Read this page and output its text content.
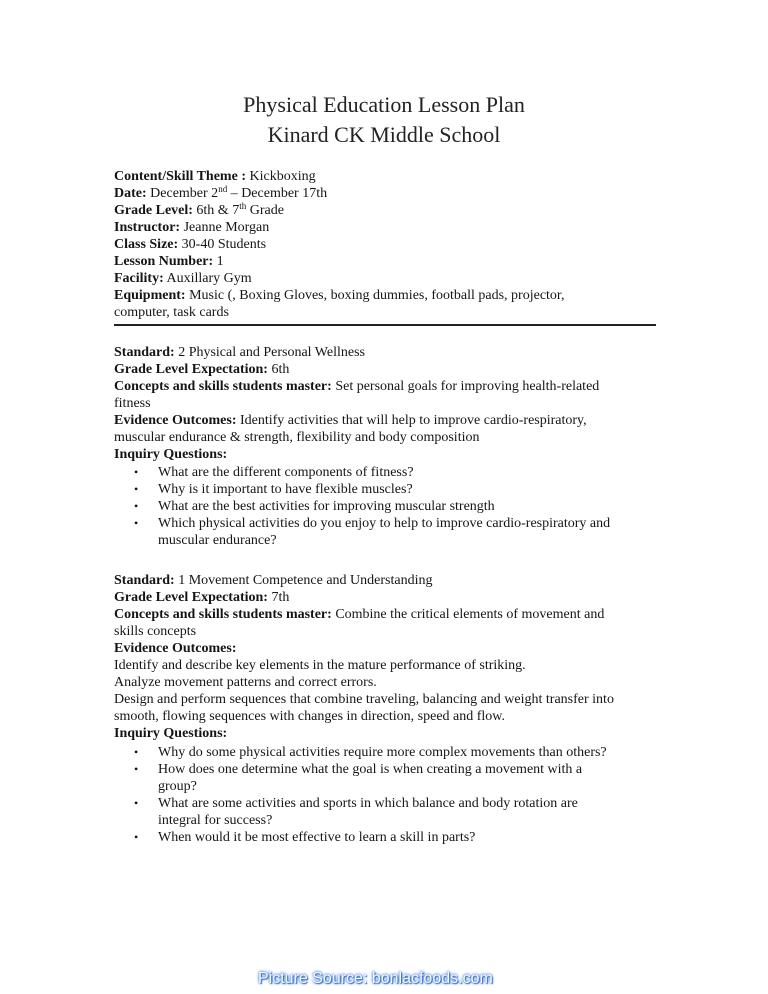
Physical Education Lesson Plan
Kinard CK Middle School
Content/Skill Theme : Kickboxing
Date: December 2nd – December 17th
Grade Level: 6th & 7th Grade
Instructor: Jeanne Morgan
Class Size: 30-40 Students
Lesson Number: 1
Facility: Auxillary Gym
Equipment: Music (, Boxing Gloves, boxing dummies, football pads, projector,
computer, task cards
Standard: 2 Physical and Personal Wellness
Grade Level Expectation: 6th
Concepts and skills students master: Set personal goals for improving health-related
fitness
Evidence Outcomes: Identify activities that will help to improve cardio-respiratory,
muscular endurance & strength, flexibility and body composition
Inquiry Questions:
• What are the different components of fitness?
• Why is it important to have flexible muscles?
• What are the best activities for improving muscular strength
• Which physical activities do you enjoy to help to improve cardio-respiratory and
muscular endurance?
Standard: 1 Movement Competence and Understanding
Grade Level Expectation: 7th
Concepts and skills students master: Combine the critical elements of movement and
skills concepts
Evidence Outcomes:
Identify and describe key elements in the mature performance of striking.
Analyze movement patterns and correct errors.
Design and perform sequences that combine traveling, balancing and weight transfer into
smooth, flowing sequences with changes in direction, speed and flow.
Inquiry Questions:
• Why do some physical activities require more complex movements than others?
• How does one determine what the goal is when creating a movement with a
group?
• What are some activities and sports in which balance and body rotation are
integral for success?
• When would it be most effective to learn a skill in parts?
Picture Source: bonlacfoods.com
